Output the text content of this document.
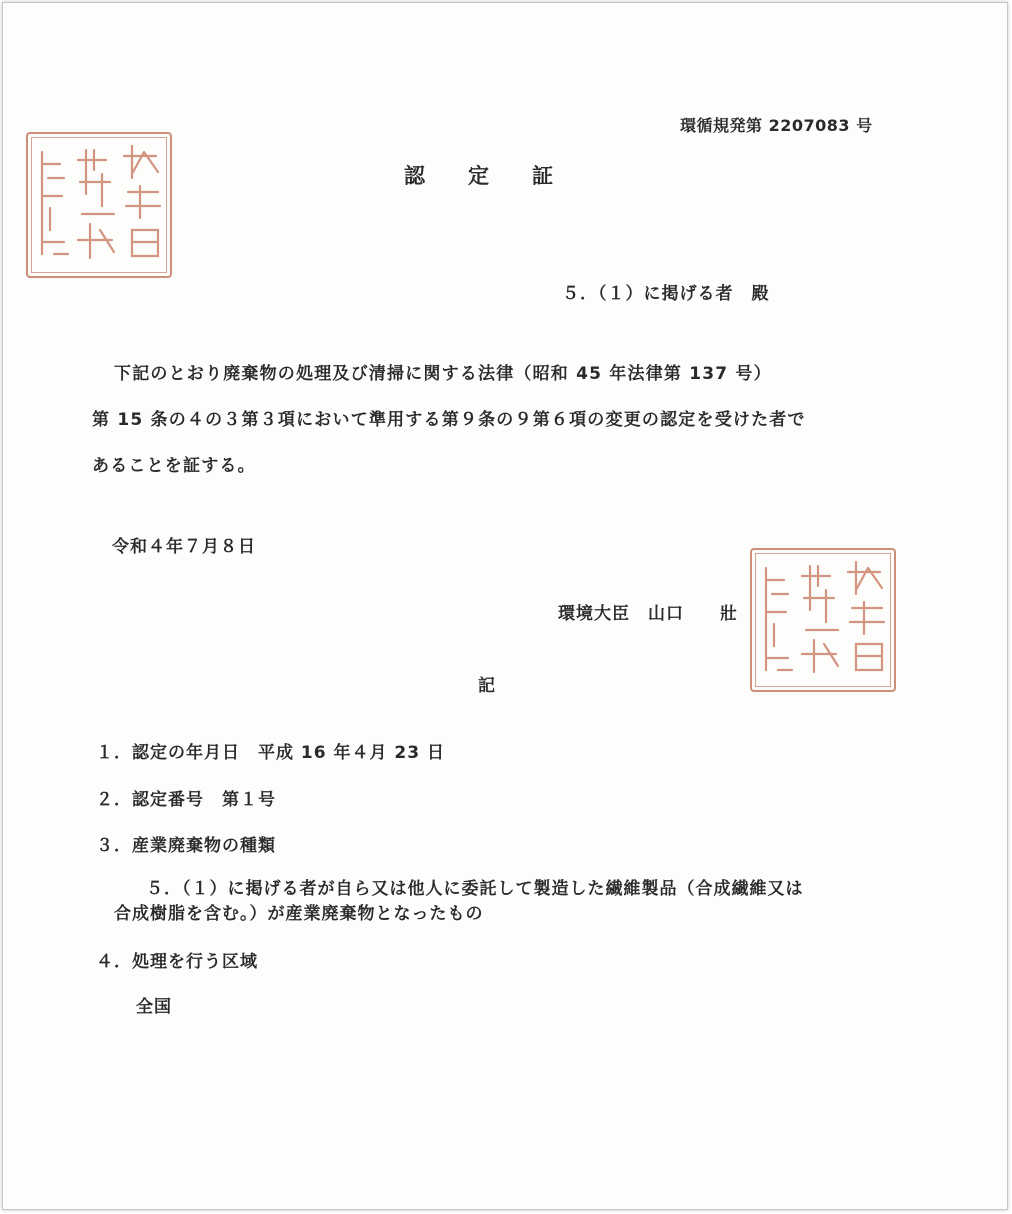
環循規発第 2207083 号
認 定 証
５．（１）に掲げる者　殿
下記のとおり廃棄物の処理及び清掃に関する法律（昭和 45 年法律第 137 号）
第 15 条の４の３第３項において準用する第９条の９第６項の変更の認定を受けた者で
あることを証する。
令和４年７月８日
環境大臣　山口　　壯
記
１．認定の年月日　平成 16 年４月 23 日
２．認定番号　第１号
３．産業廃棄物の種類
５．（１）に掲げる者が自ら又は他人に委託して製造した繊維製品（合成繊維又は
合成樹脂を含む。）が産業廃棄物となったもの
４．処理を行う区域
全国
